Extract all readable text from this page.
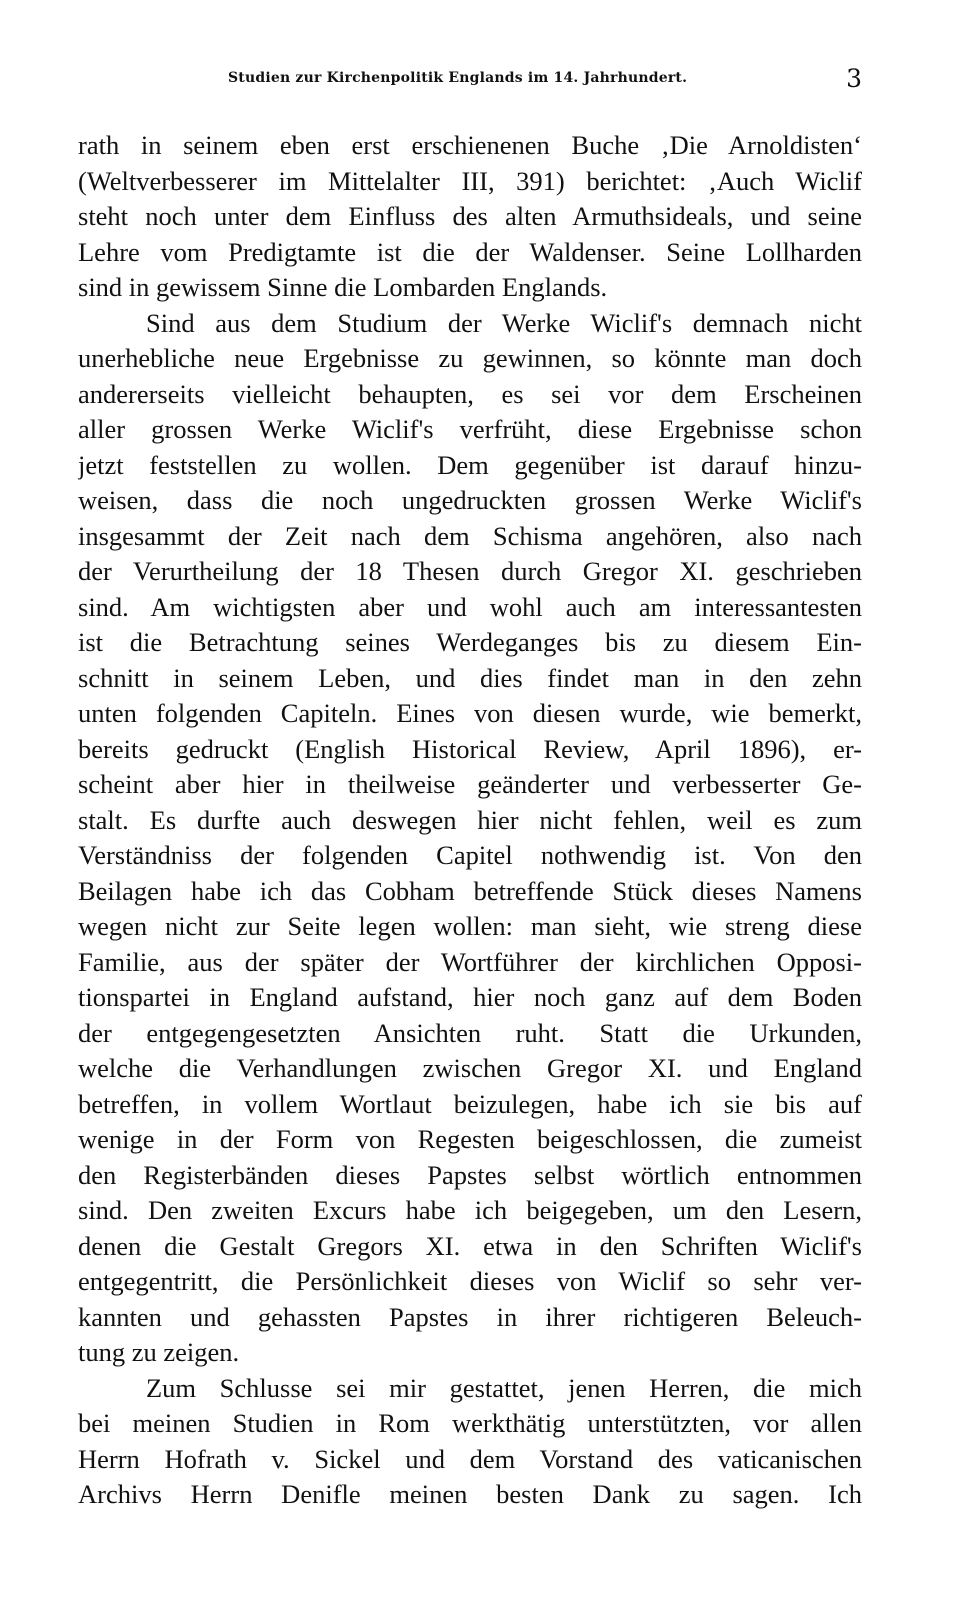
Studien zur Kirchenpolitik Englands im 14. Jahrhundert.	3
rath in seinem eben erst erschienenen Buche ‚Die Arnoldisten‘
(Weltverbesserer im Mittelalter III, 391) berichtet: ‚Auch Wiclif
steht noch unter dem Einfluss des alten Armuthsideals, und seine
Lehre vom Predigtamte ist die der Waldenser. Seine Lollharden
sind in gewissem Sinne die Lombarden Englands.
Sind aus dem Studium der Werke Wiclif's demnach nicht
unerhebliche neue Ergebnisse zu gewinnen, so könnte man doch
andererseits vielleicht behaupten, es sei vor dem Erscheinen
aller grossen Werke Wiclif's verfrüht, diese Ergebnisse schon
jetzt feststellen zu wollen. Dem gegenüber ist darauf hinzu-
weisen, dass die noch ungedruckten grossen Werke Wiclif's
insgesammt der Zeit nach dem Schisma angehören, also nach
der Verurtheilung der 18 Thesen durch Gregor XI. geschrieben
sind. Am wichtigsten aber und wohl auch am interessantesten
ist die Betrachtung seines Werdeganges bis zu diesem Ein-
schnitt in seinem Leben, und dies findet man in den zehn
unten folgenden Capiteln. Eines von diesen wurde, wie bemerkt,
bereits gedruckt (English Historical Review, April 1896), er-
scheint aber hier in theilweise geänderter und verbesserter Ge-
stalt. Es durfte auch deswegen hier nicht fehlen, weil es zum
Verständniss der folgenden Capitel nothwendig ist. Von den
Beilagen habe ich das Cobham betreffende Stück dieses Namens
wegen nicht zur Seite legen wollen: man sieht, wie streng diese
Familie, aus der später der Wortführer der kirchlichen Opposi-
tionspartei in England aufstand, hier noch ganz auf dem Boden
der entgegengesetzten Ansichten ruht. Statt die Urkunden,
welche die Verhandlungen zwischen Gregor XI. und England
betreffen, in vollem Wortlaut beizulegen, habe ich sie bis auf
wenige in der Form von Regesten beigeschlossen, die zumeist
den Registerbänden dieses Papstes selbst wörtlich entnommen
sind. Den zweiten Excurs habe ich beigegeben, um den Lesern,
denen die Gestalt Gregors XI. etwa in den Schriften Wiclif's
entgegentritt, die Persönlichkeit dieses von Wiclif so sehr ver-
kannten und gehassten Papstes in ihrer richtigeren Beleuch-
tung zu zeigen.
Zum Schlusse sei mir gestattet, jenen Herren, die mich
bei meinen Studien in Rom werkthätig unterstützten, vor allen
Herrn Hofrath v. Sickel und dem Vorstand des vaticanischen
Archivs Herrn Denifle meinen besten Dank zu sagen. Ich
